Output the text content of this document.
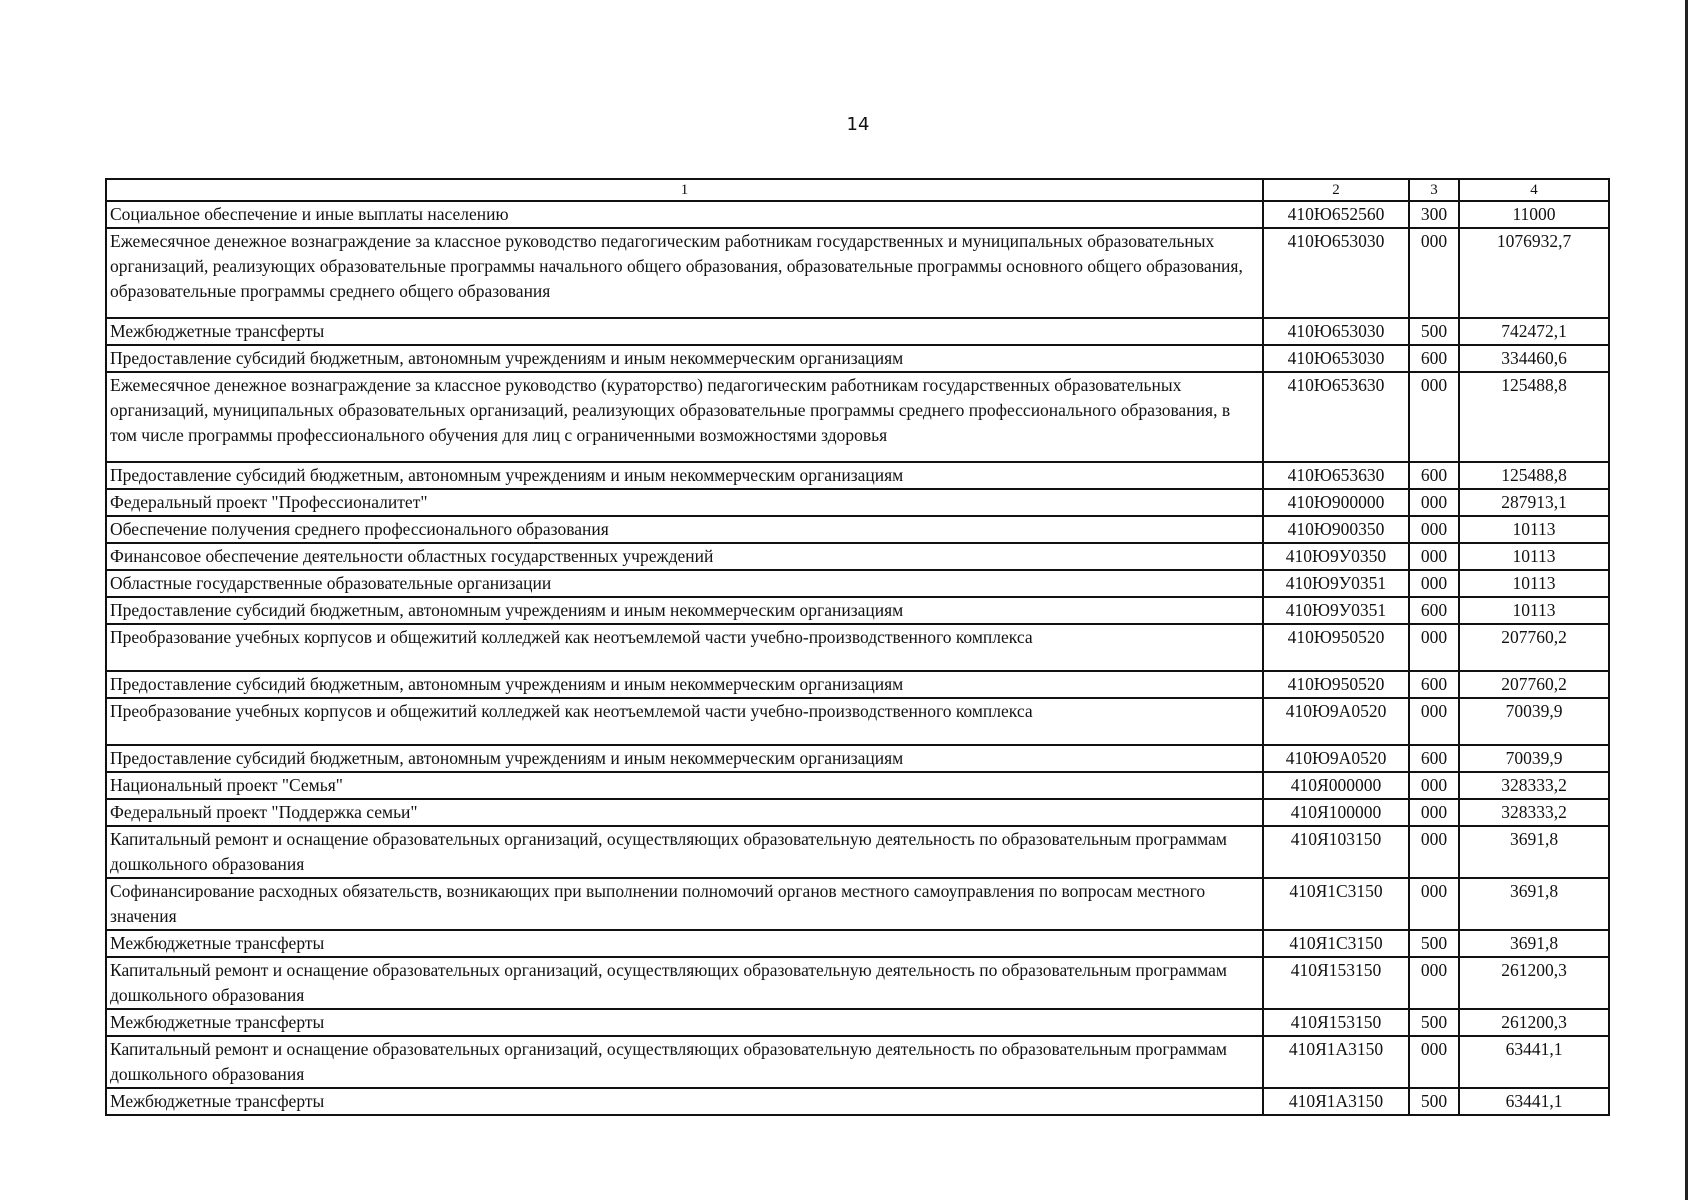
14
1	2	3	4
Социальное обеспечение и иные выплаты населению	410Ю652560	300	11000
Ежемесячное денежное вознаграждение за классное руководство педагогическим работникам государственных и муниципальных образовательных организаций, реализующих образовательные программы начального общего образования, образовательные программы основного общего образования, образовательные программы среднего общего образования	410Ю653030	000	1076932,7
Межбюджетные трансферты	410Ю653030	500	742472,1
Предоставление субсидий бюджетным, автономным учреждениям и иным некоммерческим организациям	410Ю653030	600	334460,6
Ежемесячное денежное вознаграждение за классное руководство (кураторство) педагогическим работникам государственных образовательных организаций, муниципальных образовательных организаций, реализующих образовательные программы среднего профессионального образования, в том числе программы профессионального обучения для лиц с ограниченными возможностями здоровья	410Ю653630	000	125488,8
Предоставление субсидий бюджетным, автономным учреждениям и иным некоммерческим организациям	410Ю653630	600	125488,8
Федеральный проект "Профессионалитет"	410Ю900000	000	287913,1
Обеспечение получения среднего профессионального образования	410Ю900350	000	10113
Финансовое обеспечение деятельности областных государственных учреждений	410Ю9У0350	000	10113
Областные государственные образовательные организации	410Ю9У0351	000	10113
Предоставление субсидий бюджетным, автономным учреждениям и иным некоммерческим организациям	410Ю9У0351	600	10113
Преобразование учебных корпусов и общежитий колледжей как неотъемлемой части учебно-производственного комплекса	410Ю950520	000	207760,2
Предоставление субсидий бюджетным, автономным учреждениям и иным некоммерческим организациям	410Ю950520	600	207760,2
Преобразование учебных корпусов и общежитий колледжей как неотъемлемой части учебно-производственного комплекса	410Ю9А0520	000	70039,9
Предоставление субсидий бюджетным, автономным учреждениям и иным некоммерческим организациям	410Ю9А0520	600	70039,9
Национальный проект "Семья"	410Я000000	000	328333,2
Федеральный проект "Поддержка семьи"	410Я100000	000	328333,2
Капитальный ремонт и оснащение образовательных организаций, осуществляющих образовательную деятельность по образовательным программам дошкольного образования	410Я103150	000	3691,8
Софинансирование расходных обязательств, возникающих при выполнении полномочий органов местного самоуправления по вопросам местного значения	410Я1С3150	000	3691,8
Межбюджетные трансферты	410Я1С3150	500	3691,8
Капитальный ремонт и оснащение образовательных организаций, осуществляющих образовательную деятельность по образовательным программам дошкольного образования	410Я153150	000	261200,3
Межбюджетные трансферты	410Я153150	500	261200,3
Капитальный ремонт и оснащение образовательных организаций, осуществляющих образовательную деятельность по образовательным программам дошкольного образования	410Я1А3150	000	63441,1
Межбюджетные трансферты	410Я1А3150	500	63441,1
